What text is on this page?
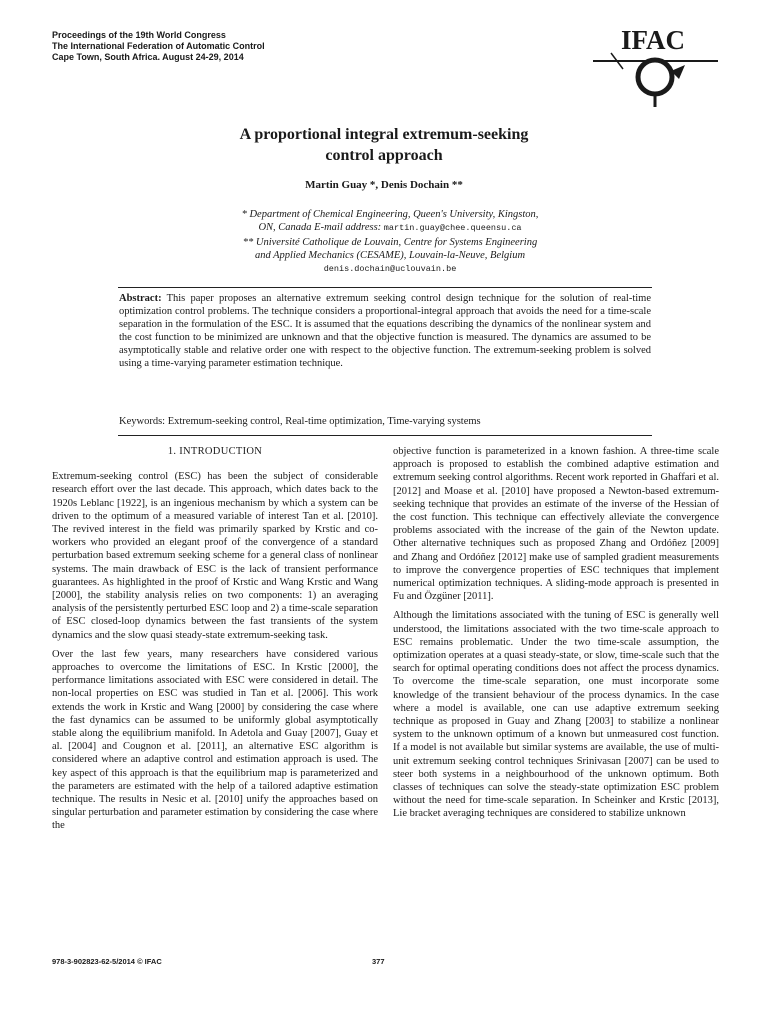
Proceedings of the 19th World Congress
The International Federation of Automatic Control
Cape Town, South Africa. August 24-29, 2014
IFAC
A proportional integral extremum-seeking
control approach
Martin Guay *, Denis Dochain **
* Department of Chemical Engineering, Queen's University, Kingston,
ON, Canada E-mail address: martin.guay@chee.queensu.ca
** Université Catholique de Louvain, Centre for Systems Engineering
and Applied Mechanics (CESAME), Louvain-la-Neuve, Belgium
denis.dochain@uclouvain.be
Abstract: This paper proposes an alternative extremum seeking control design technique for the solution of real-time optimization control problems. The technique considers a proportional-integral approach that avoids the need for a time-scale separation in the formulation of the ESC. It is assumed that the equations describing the dynamics of the nonlinear system and the cost function to be minimized are unknown and that the objective function is measured. The dynamics are assumed to be asymptotically stable and relative order one with respect to the objective function. The extremum-seeking problem is solved using a time-varying parameter estimation technique.
Keywords: Extremum-seeking control, Real-time optimization, Time-varying systems
1. INTRODUCTION

Extremum-seeking control (ESC) has been the subject of considerable research effort over the last decade. This approach, which dates back to the 1920s Leblanc [1922], is an ingenious mechanism by which a system can be driven to the optimum of a measured variable of interest Tan et al. [2010]. The revived interest in the field was primarily sparked by Krstic and co-workers who provided an elegant proof of the convergence of a standard perturbation based extremum seeking scheme for a general class of nonlinear systems. The main drawback of ESC is the lack of transient performance guarantees. As highlighted in the proof of Krstic and Wang Krstic and Wang [2000], the stability analysis relies on two components: 1) an averaging analysis of the persistently perturbed ESC loop and 2) a time-scale separation of ESC closed-loop dynamics between the fast transients of the system dynamics and the slow quasi steady-state extremum-seeking task.

Over the last few years, many researchers have considered various approaches to overcome the limitations of ESC. In Krstic [2000], the performance limitations associated with ESC were considered in detail. The non-local properties on ESC was studied in Tan et al. [2006]. This work extends the work in Krstic and Wang [2000] by considering the case where the fast dynamics can be assumed to be uniformly global asymptotically stable along the equilibrium manifold. In Adetola and Guay [2007], Guay et al. [2004] and Cougnon et al. [2011], an alternative ESC algorithm is considered where an adaptive control and estimation approach is used. The key aspect of this approach is that the equilibrium map is parameterized and the parameters are estimated with the help of a tailored adaptive estimation technique. The results in Nesic et al. [2010] unify the approaches based on singular perturbation and parameter estimation by considering the case where the

objective function is parameterized in a known fashion. A three-time scale approach is proposed to establish the combined adaptive estimation and extremum seeking control algorithms. Recent work reported in Ghaffari et al. [2012] and Moase et al. [2010] have proposed a Newton-based extremum-seeking technique that provides an estimate of the inverse of the Hessian of the cost function. This technique can effectively alleviate the convergence problems associated with the increase of the gain of the Newton update. Other alternative techniques such as proposed Zhang and Ordóñez [2009] and Zhang and Ordóñez [2012] make use of sampled gradient measurements to improve the convergence properties of ESC techniques that implement numerical optimization techniques. A sliding-mode approach is presented in Fu and Özgüner [2011].

Although the limitations associated with the tuning of ESC is generally well understood, the limitations associated with the two time-scale approach to ESC remains problematic. Under the two time-scale assumption, the optimization operates at a quasi steady-state, or slow, time-scale such that the search for optimal operating conditions does not affect the process dynamics. To overcome the time-scale separation, one must incorporate some knowledge of the transient behaviour of the process dynamics. In the case where a model is available, one can use adaptive extremum seeking technique as proposed in Guay and Zhang [2003] to stabilize a nonlinear system to the unknown optimum of a known but unmeasured cost function. If a model is not available but similar systems are available, the use of multi-unit extremum seeking control techniques Srinivasan [2007] can be used to steer both systems in a neighbourhood of the unknown optimum. Both classes of techniques can solve the steady-state optimization ESC problem without the need for time-scale separation. In Scheinker and Krstic [2013], Lie bracket averaging techniques are considered to stabilize unknown

978-3-902823-62-5/2014 © IFAC	377
